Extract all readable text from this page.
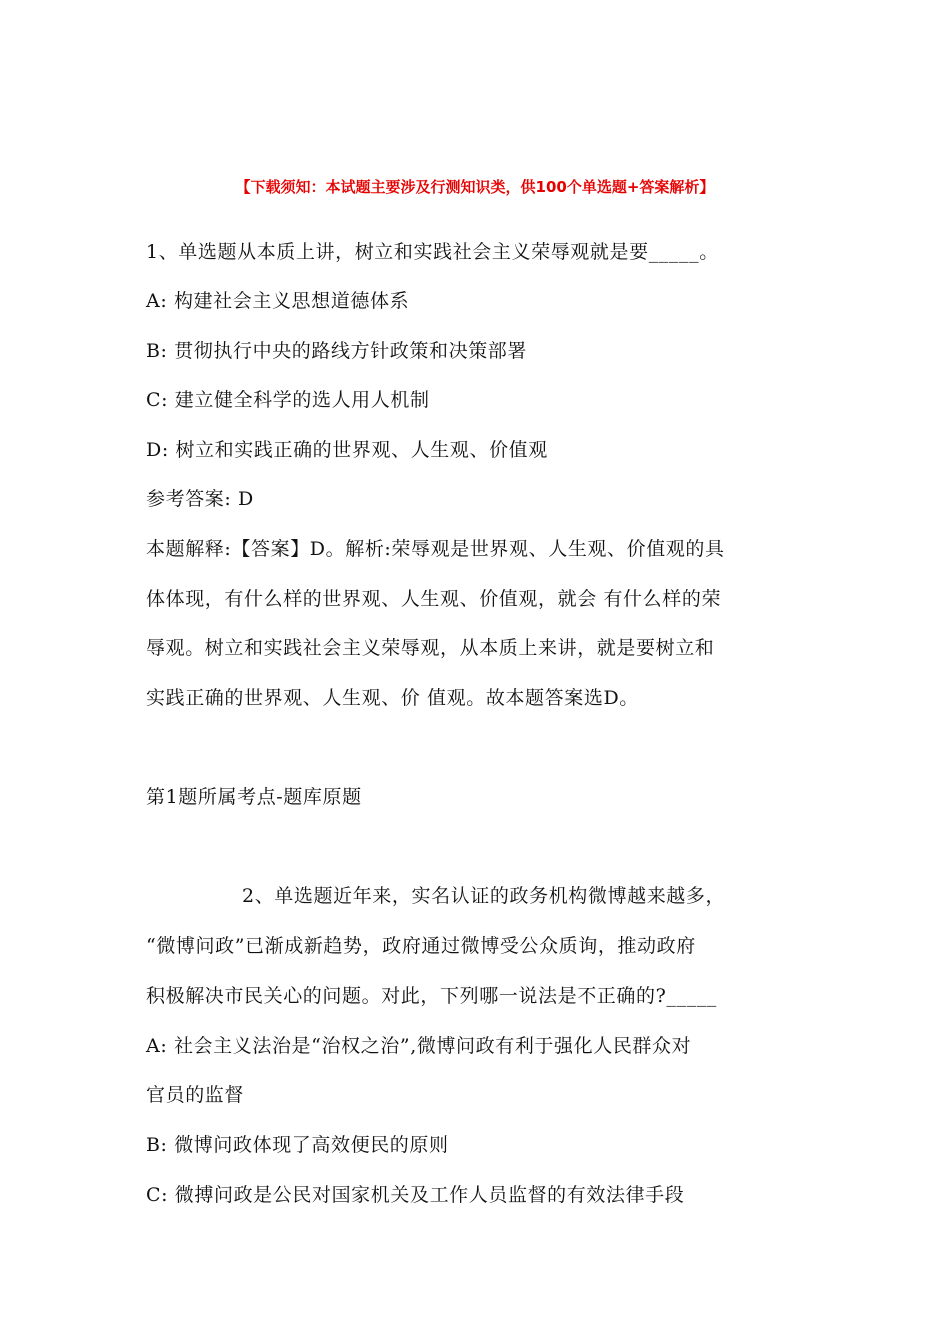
【下载须知：本试题主要涉及行测知识类，供100个单选题+答案解析】
1、单选题从本质上讲，树立和实践社会主义荣辱观就是要_____。
A: 构建社会主义思想道德体系
B: 贯彻执行中央的路线方针政策和决策部署
C: 建立健全科学的选人用人机制
D: 树立和实践正确的世界观、人生观、价值观
参考答案: D
本题解释:【答案】D。解析:荣辱观是世界观、人生观、价值观的具
体体现，有什么样的世界观、人生观、价值观，就会 有什么样的荣
辱观。树立和实践社会主义荣辱观，从本质上来讲，就是要树立和
实践正确的世界观、人生观、价 值观。故本题答案选D。
第1题所属考点-题库原题
2、单选题近年来，实名认证的政务机构微博越来越多，
“微博问政”已渐成新趋势，政府通过微博受公众质询，推动政府
积极解决市民关心的问题。对此，下列哪一说法是不正确的?_____
A: 社会主义法治是“治权之治”,微博问政有利于强化人民群众对
官员的监督
B: 微博问政体现了高效便民的原则
C: 微搏问政是公民对国家机关及工作人员监督的有效法律手段
